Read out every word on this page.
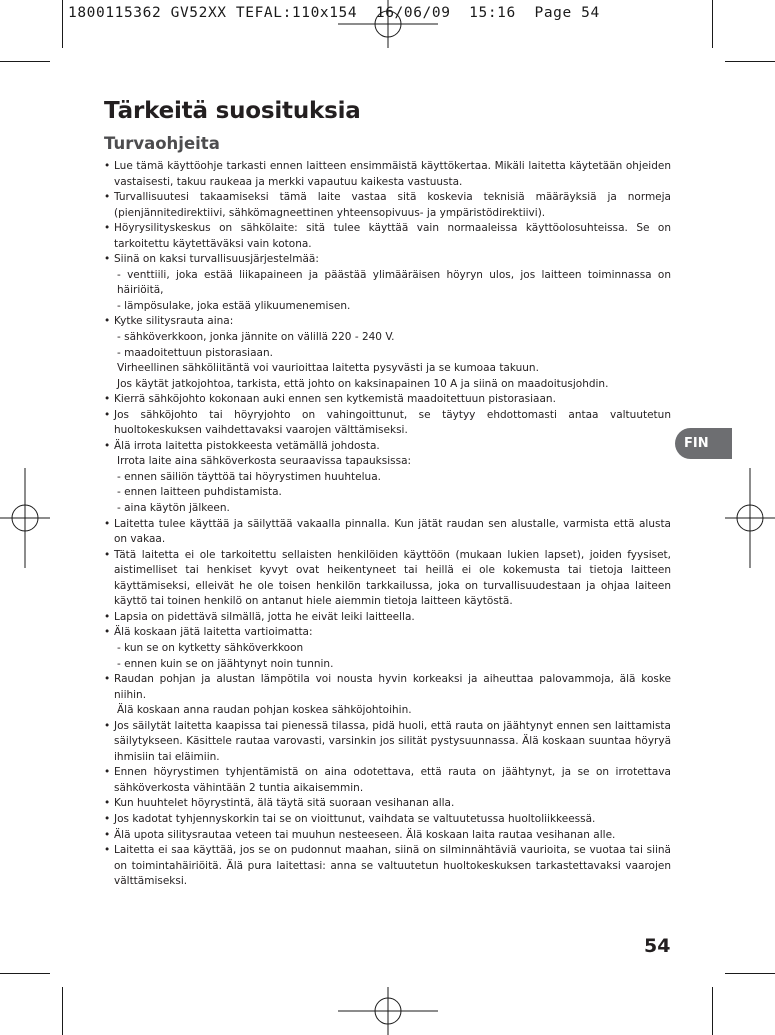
1800115362 GV52XX TEFAL:110x154  16/06/09  15:16  Page 54
Tärkeitä suosituksia
Turvaohjeita
• Lue tämä käyttöohje tarkasti ennen laitteen ensimmäistä käyttökertaa. Mikäli laitetta käytetään ohjeiden vastaisesti, takuu raukeaa ja merkki vapautuu kaikesta vastuusta.
• Turvallisuutesi takaamiseksi tämä laite vastaa sitä koskevia teknisiä määräyksiä ja normeja (pienjännitedirektiivi, sähkömagneettinen yhteensopivuus- ja ympäristödirektiivi).
• Höyrysilityskeskus on sähkölaite: sitä tulee käyttää vain normaaleissa käyttöolosuhteissa. Se on tarkoitettu käytettäväksi vain kotona.
• Siinä on kaksi turvallisuusjärjestelmää:
- venttiili, joka estää liikapaineen ja päästää ylimääräisen höyryn ulos, jos laitteen toiminnassa on häiriöitä,
- lämpösulake, joka estää ylikuumenemisen.
• Kytke silitysrauta aina:
- sähköverkkoon, jonka jännite on välillä 220 - 240 V.
- maadoitettuun pistorasiaan.
Virheellinen sähköliitäntä voi vaurioittaa laitetta pysyvästi ja se kumoaa takuun.
Jos käytät jatkojohtoa, tarkista, että johto on kaksinapainen 10 A ja siinä on maadoitusjohdin.
• Kierrä sähköjohto kokonaan auki ennen sen kytkemistä maadoitettuun pistorasiaan.
• Jos sähköjohto tai höyryjohto on vahingoittunut, se täytyy ehdottomasti antaa valtuutetun huoltokeskuksen vaihdettavaksi vaarojen välttämiseksi.
• Älä irrota laitetta pistokkeesta vetämällä johdosta.
Irrota laite aina sähköverkosta seuraavissa tapauksissa:
- ennen säiliön täyttöä tai höyrystimen huuhtelua.
- ennen laitteen puhdistamista.
- aina käytön jälkeen.
• Laitetta tulee käyttää ja säilyttää vakaalla pinnalla. Kun jätät raudan sen alustalle, varmista että alusta on vakaa.
• Tätä laitetta ei ole tarkoitettu sellaisten henkilöiden käyttöön (mukaan lukien lapset), joiden fyysiset, aistimelliset tai henkiset kyvyt ovat heikentyneet tai heillä ei ole kokemusta tai tietoja laitteen käyttämiseksi, elleivät he ole toisen henkilön tarkkailussa, joka on turvallisuudestaan ja ohjaa laiteen käyttö tai toinen henkilö on antanut hiele aiemmin tietoja laitteen käytöstä.
• Lapsia on pidettävä silmällä, jotta he eivät leiki laitteella.
• Älä koskaan jätä laitetta vartioimatta:
- kun se on kytketty sähköverkkoon
- ennen kuin se on jäähtynyt noin tunnin.
• Raudan pohjan ja alustan lämpötila voi nousta hyvin korkeaksi ja aiheuttaa palovammoja, älä koske niihin.
Älä koskaan anna raudan pohjan koskea sähköjohtoihin.
• Jos säilytät laitetta kaapissa tai pienessä tilassa, pidä huoli, että rauta on jäähtynyt ennen sen laittamista säilytykseen. Käsittele rautaa varovasti, varsinkin jos silität pystysuunnassa. Älä koskaan suuntaa höyryä ihmisiin tai eläimiin.
• Ennen höyrystimen tyhjentämistä on aina odotettava, että rauta on jäähtynyt, ja se on irrotettava sähköverkosta vähintään 2 tuntia aikaisemmin.
• Kun huuhtelet höyrystintä, älä täytä sitä suoraan vesihanan alla.
• Jos kadotat tyhjennyskorkin tai se on vioittunut, vaihdata se valtuutetussa huoltoliikkeessä.
• Älä upota silitysrautaa veteen tai muuhun nesteeseen. Älä koskaan laita rautaa vesihanan alle.
• Laitetta ei saa käyttää, jos se on pudonnut maahan, siinä on silminnähtäviä vaurioita, se vuotaa tai siinä on toimintahäiriöitä. Älä pura laitettasi: anna se valtuutetun huoltokeskuksen tarkastettavaksi vaarojen välttämiseksi.
FIN
54
